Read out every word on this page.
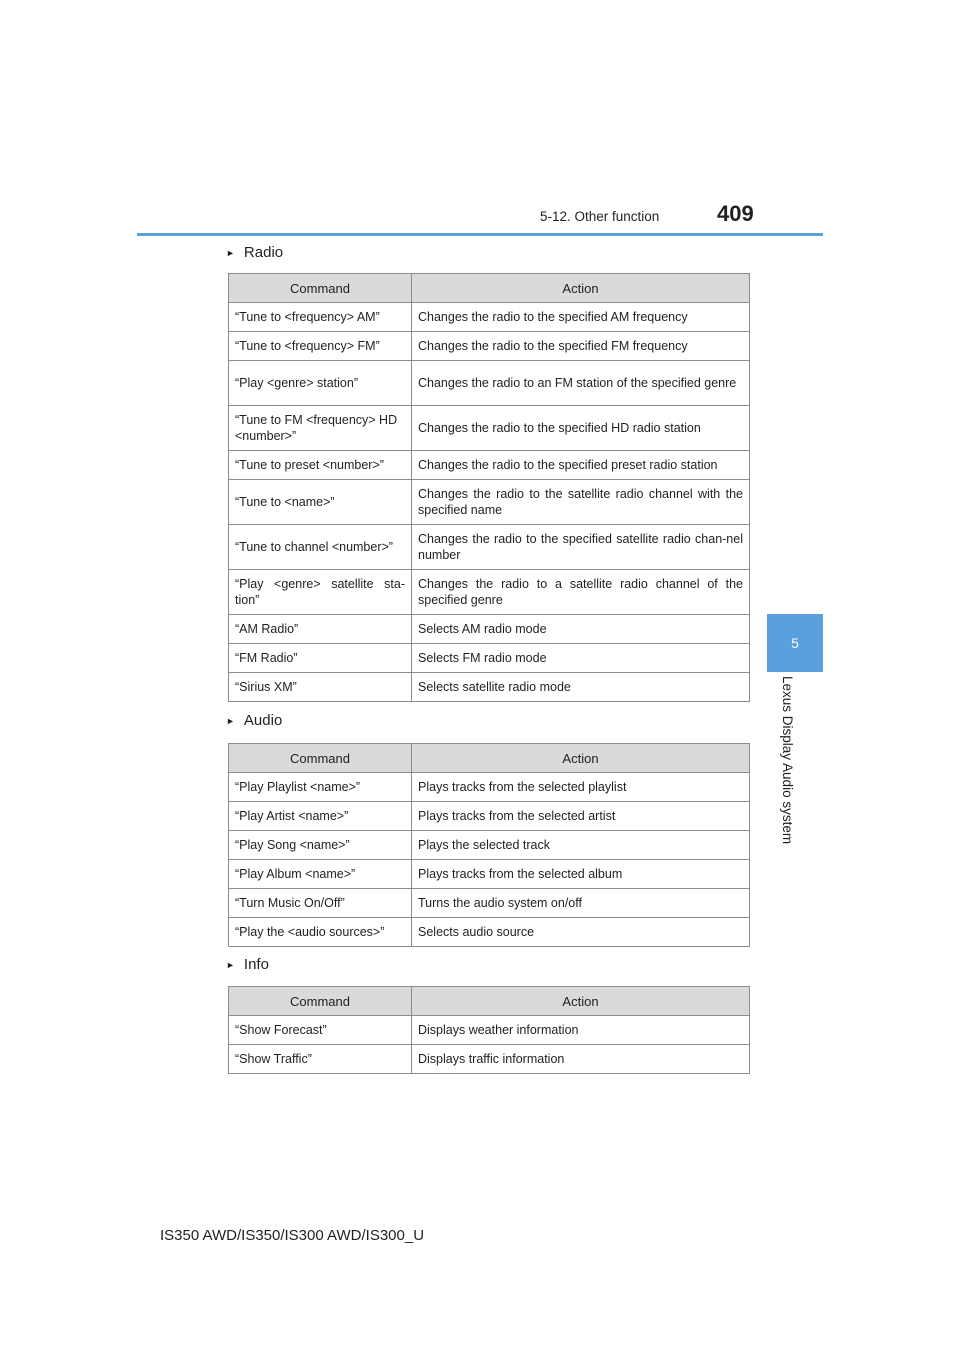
5-12. Other function	409
5
Lexus Display Audio system
► Radio
Command	Action
“Tune to <frequency> AM”	Changes the radio to the specified AM frequency
“Tune to <frequency> FM”	Changes the radio to the specified FM frequency
“Play <genre> station”	Changes the radio to an FM station of the specified genre
“Tune to FM <frequency> HD <number>”	Changes the radio to the specified HD radio station
“Tune to preset <number>”	Changes the radio to the specified preset radio station
“Tune to <name>”	Changes the radio to the satellite radio channel with the specified name
“Tune to channel <number>”	Changes the radio to the specified satellite radio chan-nel number
“Play <genre> satellite sta-tion”	Changes the radio to a satellite radio channel of the specified genre
“AM Radio”	Selects AM radio mode
“FM Radio”	Selects FM radio mode
“Sirius XM”	Selects satellite radio mode
► Audio
Command	Action
“Play Playlist <name>”	Plays tracks from the selected playlist
“Play Artist <name>”	Plays tracks from the selected artist
“Play Song <name>”	Plays the selected track
“Play Album <name>”	Plays tracks from the selected album
“Turn Music On/Off”	Turns the audio system on/off
“Play the <audio sources>”	Selects audio source
► Info
Command	Action
“Show Forecast”	Displays weather information
“Show Traffic”	Displays traffic information
IS350 AWD/IS350/IS300 AWD/IS300_U
